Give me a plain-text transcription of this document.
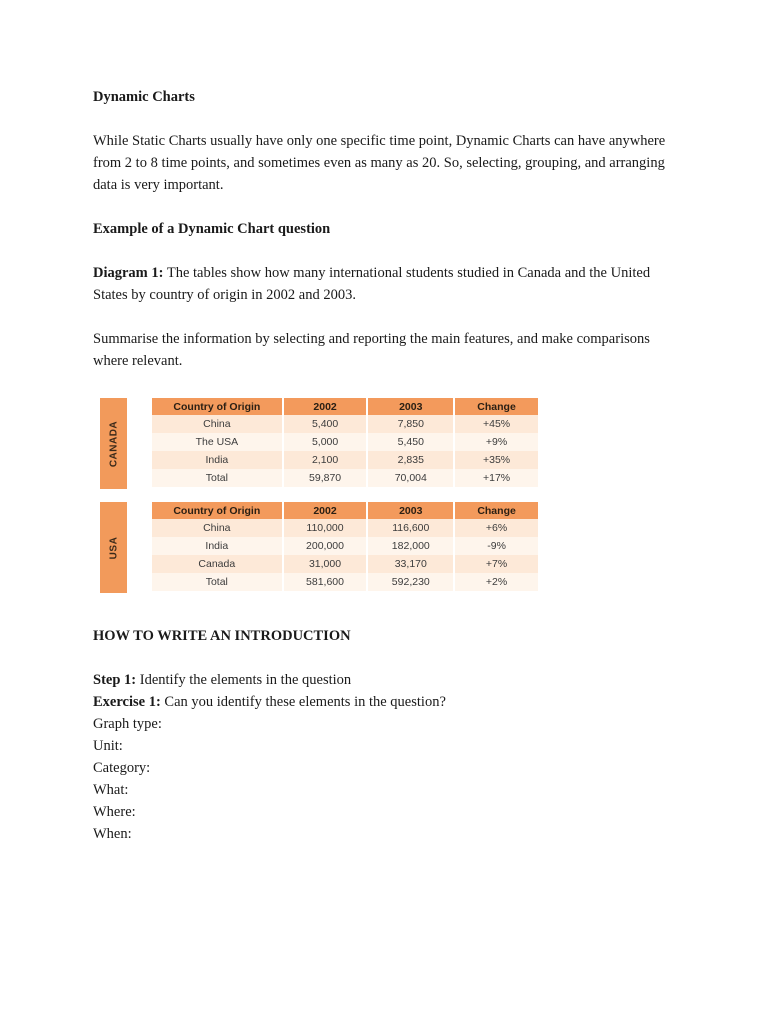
Dynamic Charts

While Static Charts usually have only one specific time point, Dynamic Charts can have anywhere from 2 to 8 time points, and sometimes even as many as 20. So, selecting, grouping, and arranging data is very important.

Example of a Dynamic Chart question

Diagram 1: The tables show how many international students studied in Canada and the United States by country of origin in 2002 and 2003.

Summarise the information by selecting and reporting the main features, and make comparisons where relevant.

CANADA
Country of Origin	2002	2003	Change
China	5,400	7,850	+45%
The USA	5,000	5,450	+9%
India	2,100	2,835	+35%
Total	59,870	70,004	+17%
USA
Country of Origin	2002	2003	Change
China	110,000	116,600	+6%
India	200,000	182,000	-9%
Canada	31,000	33,170	+7%
Total	581,600	592,230	+2%

HOW TO WRITE AN INTRODUCTION

Step 1: Identify the elements in the question

Exercise 1: Can you identify these elements in the question?

Graph type:

Unit:

Category:

What:

Where:

When:
